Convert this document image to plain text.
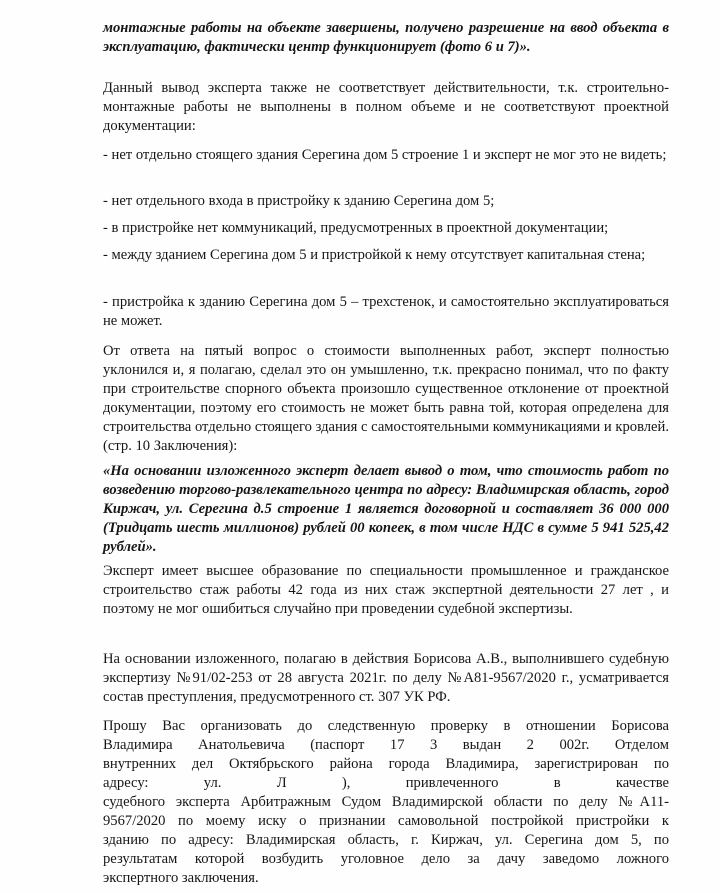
монтажные работы на объекте завершены, получено разрешение на ввод объекта в эксплуатацию, фактически центр функционирует (фото 6 и 7)».

Данный вывод эксперта также не соответствует действительности, т.к. строительно-монтажные работы не выполнены в полном объеме и не соответствуют проектной документации:

- нет отдельно стоящего здания Серегина дом 5 строение 1 и эксперт не мог это не видеть;

- нет отдельного входа в пристройку к зданию Серегина дом 5;

- в пристройке нет коммуникаций, предусмотренных в проектной документации;

- между зданием Серегина дом 5 и пристройкой к нему отсутствует капитальная стена;

- пристройка к зданию Серегина дом 5 – трехстенок, и самостоятельно эксплуатироваться не может.

От ответа на пятый вопрос о стоимости выполненных работ, эксперт полностью уклонился и, я полагаю, сделал это он умышленно, т.к. прекрасно понимал, что по факту при строительстве спорного объекта произошло существенное отклонение от проектной документации, поэтому его стоимость не может быть равна той, которая определена для строительства отдельно стоящего здания с самостоятельными коммуникациями и кровлей. (стр. 10 Заключения):

«На основании изложенного эксперт делает вывод о том, что стоимость работ по возведению торгово-развлекательного центра по адресу: Владимирская область, город Киржач, ул. Серегина д.5 строение 1 является договорной и составляет 36 000 000 (Тридцать шесть миллионов) рублей 00 копеек, в том числе НДС в сумме 5 941 525,42 рублей».

Эксперт имеет высшее образование по специальности промышленное и гражданское строительство стаж работы 42 года из них стаж экспертной деятельности 27 лет , и поэтому не мог ошибиться случайно при проведении судебной экспертизы.

На основании изложенного, полагаю в действия Борисова А.В., выполнившего судебную экспертизу №91/02-253 от 28 августа 2021г. по делу №А81-9567/2020 г., усматривается состав преступления, предусмотренного ст. 307 УК РФ.

Прошу Вас организовать до следственную проверку в отношении Борисова
Владимира Анатольевича (паспорт 17 3 выдан 2 002г. Отделом
внутренних дел Октябрьского района города Владимира, зарегистрирован по
адресу: ул. Л ), привлеченного в качестве
судебного эксперта Арбитражным Судом Владимирской области по делу №А11-
9567/2020 по моему иску о признании самовольной постройкой пристройки к
зданию по адресу: Владимирская область, г. Киржач, ул. Серегина дом 5, по
результатам которой возбудить уголовное дело за дачу заведомо ложного
экспертного заключения.
